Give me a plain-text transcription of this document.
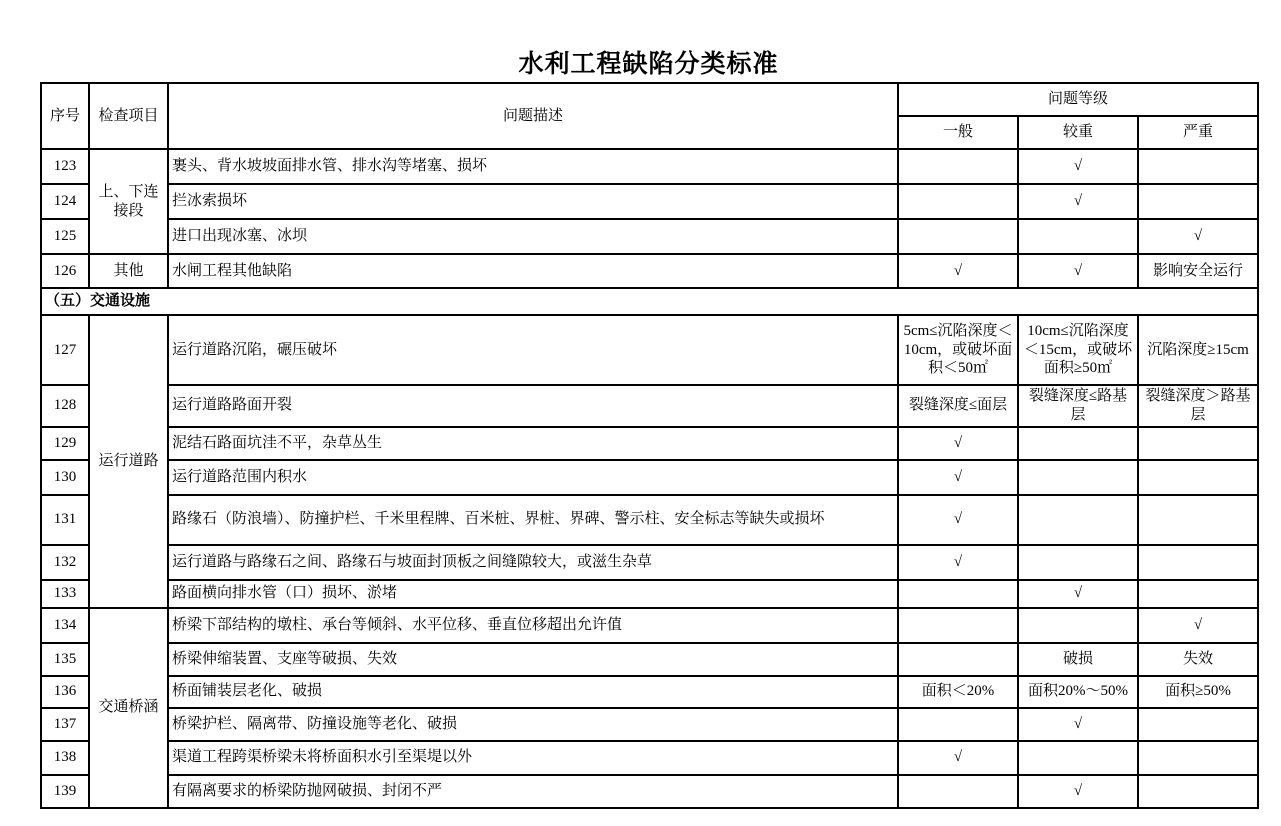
水利工程缺陷分类标准
序号	检查项目	问题描述	问题等级		
			一般	较重	严重
123	上、下连接段	裹头、背水坡坡面排水管、排水沟等堵塞、损坏		√	
124		拦冰索损坏		√	
125		进口出现冰塞、冰坝			√
126	其他	水闸工程其他缺陷	√	√	影响安全运行
（五）交通设施					
127	运行道路	运行道路沉陷，碾压破坏	5cm≤沉陷深度＜10cm，或破坏面积＜50㎡	10cm≤沉陷深度＜15cm，或破坏面积≥50㎡	沉陷深度≥15cm
128		运行道路路面开裂	裂缝深度≤面层	裂缝深度≤路基层	裂缝深度＞路基层
129		泥结石路面坑洼不平，杂草丛生	√		
130		运行道路范围内积水	√		
131		路缘石（防浪墙）、防撞护栏、千米里程牌、百米桩、界桩、界碑、警示柱、安全标志等缺失或损坏	√		
132		运行道路与路缘石之间、路缘石与坡面封顶板之间缝隙较大，或滋生杂草	√		
133		路面横向排水管（口）损坏、淤堵		√	
134	交通桥涵	桥梁下部结构的墩柱、承台等倾斜、水平位移、垂直位移超出允许值			√
135		桥梁伸缩装置、支座等破损、失效		破损	失效
136		桥面铺装层老化、破损	面积＜20%	面积20%～50%	面积≥50%
137		桥梁护栏、隔离带、防撞设施等老化、破损		√	
138		渠道工程跨渠桥梁未将桥面积水引至渠堤以外	√		
139		有隔离要求的桥梁防抛网破损、封闭不严		√	
